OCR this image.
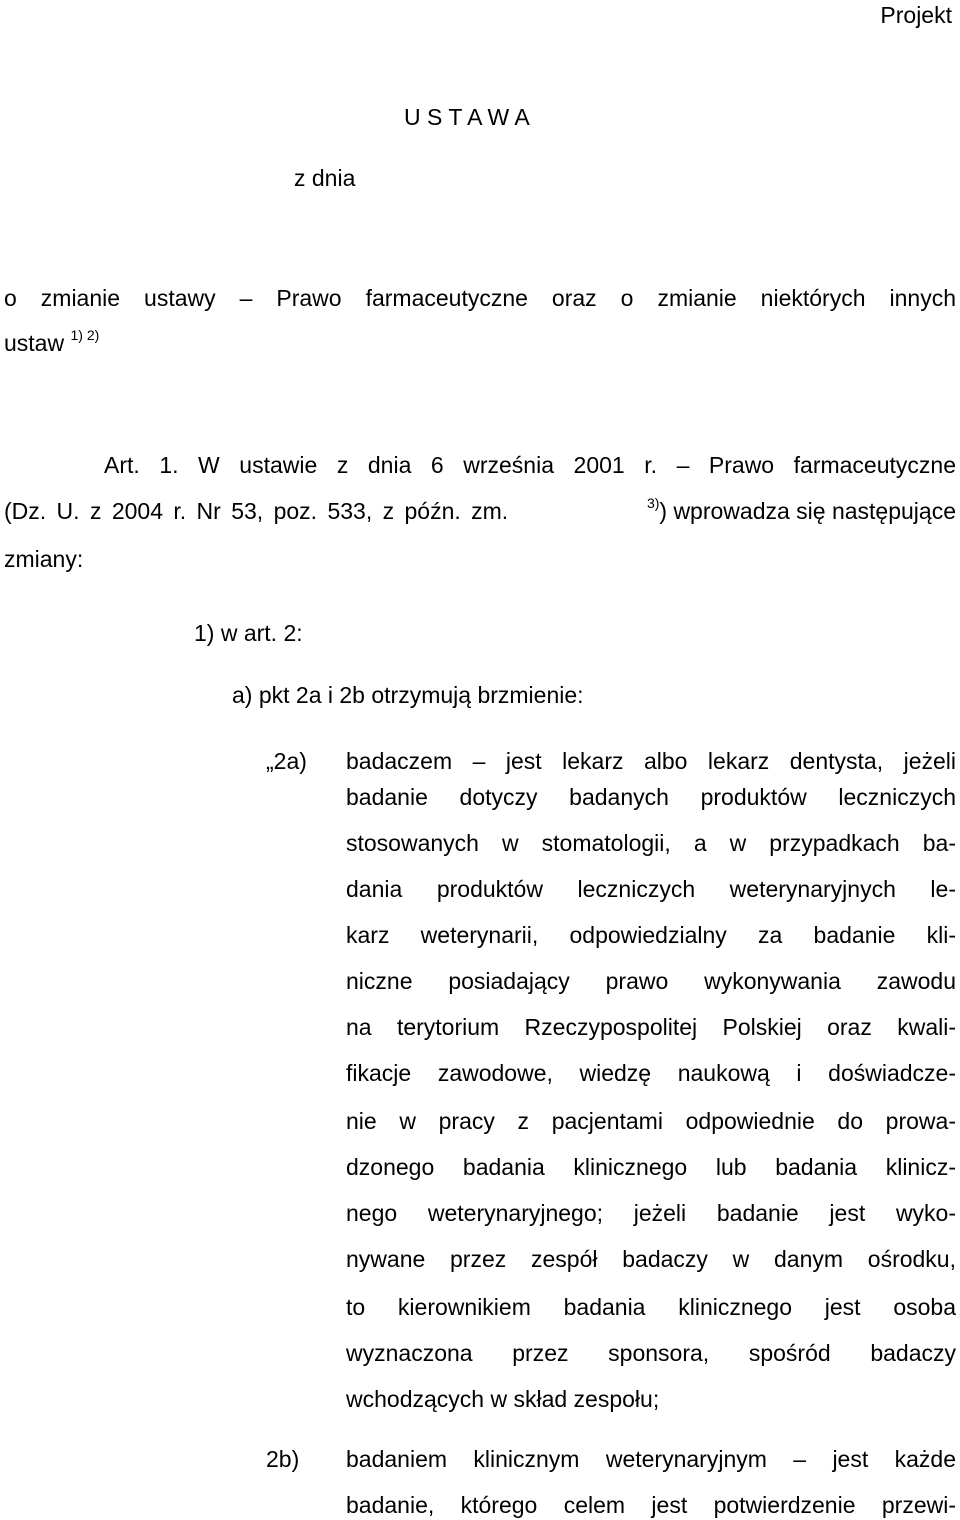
Projekt
U S T A W A
z dnia
o zmianie ustawy – Prawo farmaceutyczne oraz o zmianie niektórych innych
ustaw $^{1) 2)}$
Art. 1. W ustawie z dnia 6 września 2001 r. – Prawo farmaceutyczne
(Dz. U. z 2004 r. Nr 53, poz. 533, z późn. zm.	$^{3)}$) wprowadza się następujące
zmiany:
1) w art. 2:
a) pkt 2a i 2b otrzymują brzmienie:
„2a) badaczem – jest lekarz albo lekarz dentysta, jeżeli
badanie dotyczy badanych produktów leczniczych
stosowanych w stomatologii, a w przypadkach ba-
dania produktów leczniczych weterynaryjnych le-
karz weterynarii, odpowiedzialny za badanie kli-
niczne posiadający prawo wykonywania zawodu
na terytorium Rzeczypospolitej Polskiej oraz kwali-
fikacje zawodowe, wiedzę naukową i doświadcze-
nie w pracy z pacjentami odpowiednie do prowa-
dzonego badania klinicznego lub badania klinicz-
nego weterynaryjnego; jeżeli badanie jest wyko-
nywane przez zespół badaczy w danym ośrodku,
to kierownikiem badania klinicznego jest osoba
wyznaczona przez sponsora, spośród badaczy
wchodzących w skład zespołu;
2b) badaniem klinicznym weterynaryjnym – jest każde
badanie, którego celem jest potwierdzenie przewi-
